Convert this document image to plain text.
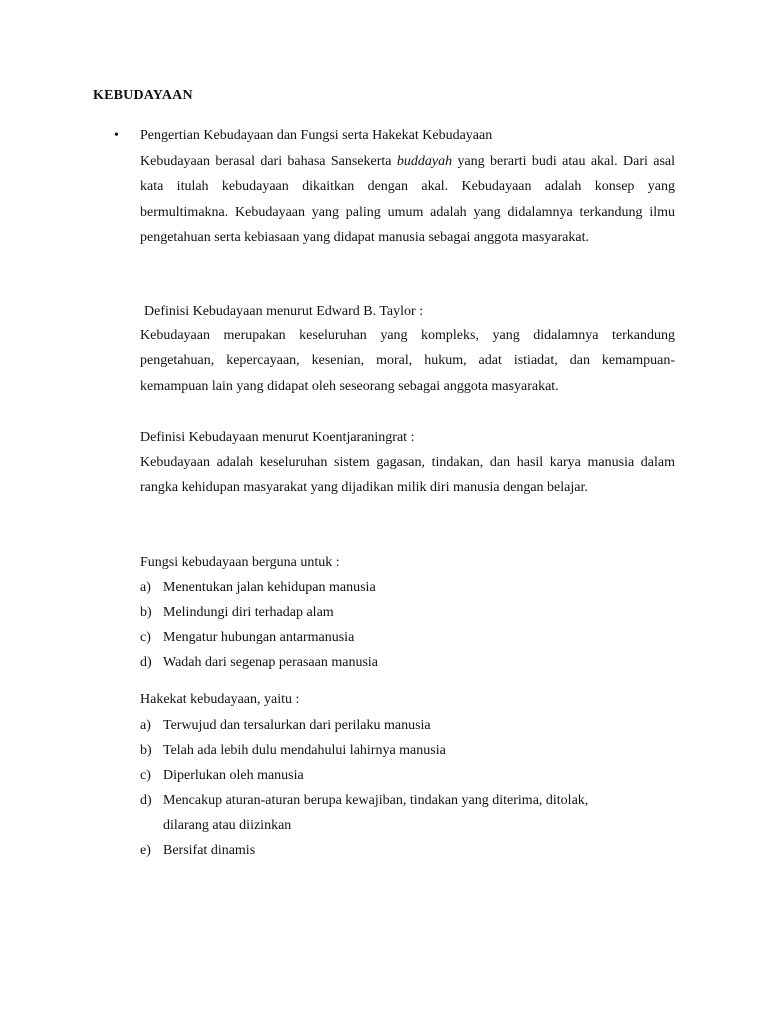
KEBUDAYAAN
• Pengertian Kebudayaan dan Fungsi serta Hakekat Kebudayaan
Kebudayaan berasal dari bahasa Sansekerta buddayah yang berarti budi atau akal. Dari asal kata itulah kebudayaan dikaitkan dengan akal. Kebudayaan adalah konsep yang bermultimakna. Kebudayaan yang paling umum adalah yang didalamnya terkandung ilmu pengetahuan serta kebiasaan yang didapat manusia sebagai anggota masyarakat.
Definisi Kebudayaan menurut Edward B. Taylor :
Kebudayaan merupakan keseluruhan yang kompleks, yang didalamnya terkandung pengetahuan, kepercayaan, kesenian, moral, hukum, adat istiadat, dan kemampuan-kemampuan lain yang didapat oleh seseorang sebagai anggota masyarakat.
Definisi Kebudayaan menurut Koentjaraningrat :
Kebudayaan adalah keseluruhan sistem gagasan, tindakan, dan hasil karya manusia dalam rangka kehidupan masyarakat yang dijadikan milik diri manusia dengan belajar.
Fungsi kebudayaan berguna untuk :
a) Menentukan jalan kehidupan manusia
b) Melindungi diri terhadap alam
c) Mengatur hubungan antarmanusia
d) Wadah dari segenap perasaan manusia
Hakekat kebudayaan, yaitu :
a) Terwujud dan tersalurkan dari perilaku manusia
b) Telah ada lebih dulu mendahului lahirnya manusia
c) Diperlukan oleh manusia
d) Mencakup aturan-aturan berupa kewajiban, tindakan yang diterima, ditolak,
dilarang atau diizinkan
e) Bersifat dinamis
